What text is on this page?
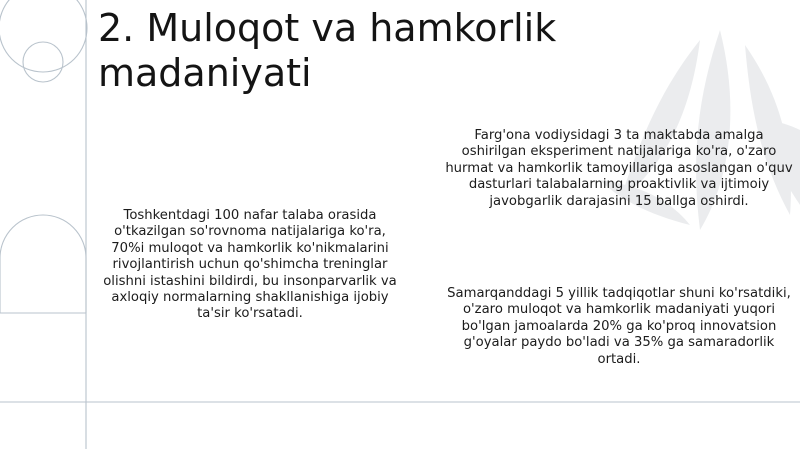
2. Muloqot va hamkorlik madaniyati

Toshkentdagi 100 nafar talaba orasida o'tkazilgan so'rovnoma natijalariga ko'ra, 70%i muloqot va hamkorlik ko'nikmalarini rivojlantirish uchun qo'shimcha treninglar olishni istashini bildirdi, bu insonparvarlik va axloqiy normalarning shakllanishiga ijobiy ta'sir ko'rsatadi.

Farg'ona vodiysidagi 3 ta maktabda amalga oshirilgan eksperiment natijalariga ko'ra, o'zaro hurmat va hamkorlik tamoyillariga asoslangan o'quv dasturlari talabalarning proaktivlik va ijtimoiy javobgarlik darajasini 15 ballga oshirdi.

Samarqanddagi 5 yillik tadqiqotlar shuni ko'rsatdiki, o'zaro muloqot va hamkorlik madaniyati yuqori bo'lgan jamoalarda 20% ga ko'proq innovatsion g'oyalar paydo bo'ladi va 35% ga samaradorlik ortadi.
